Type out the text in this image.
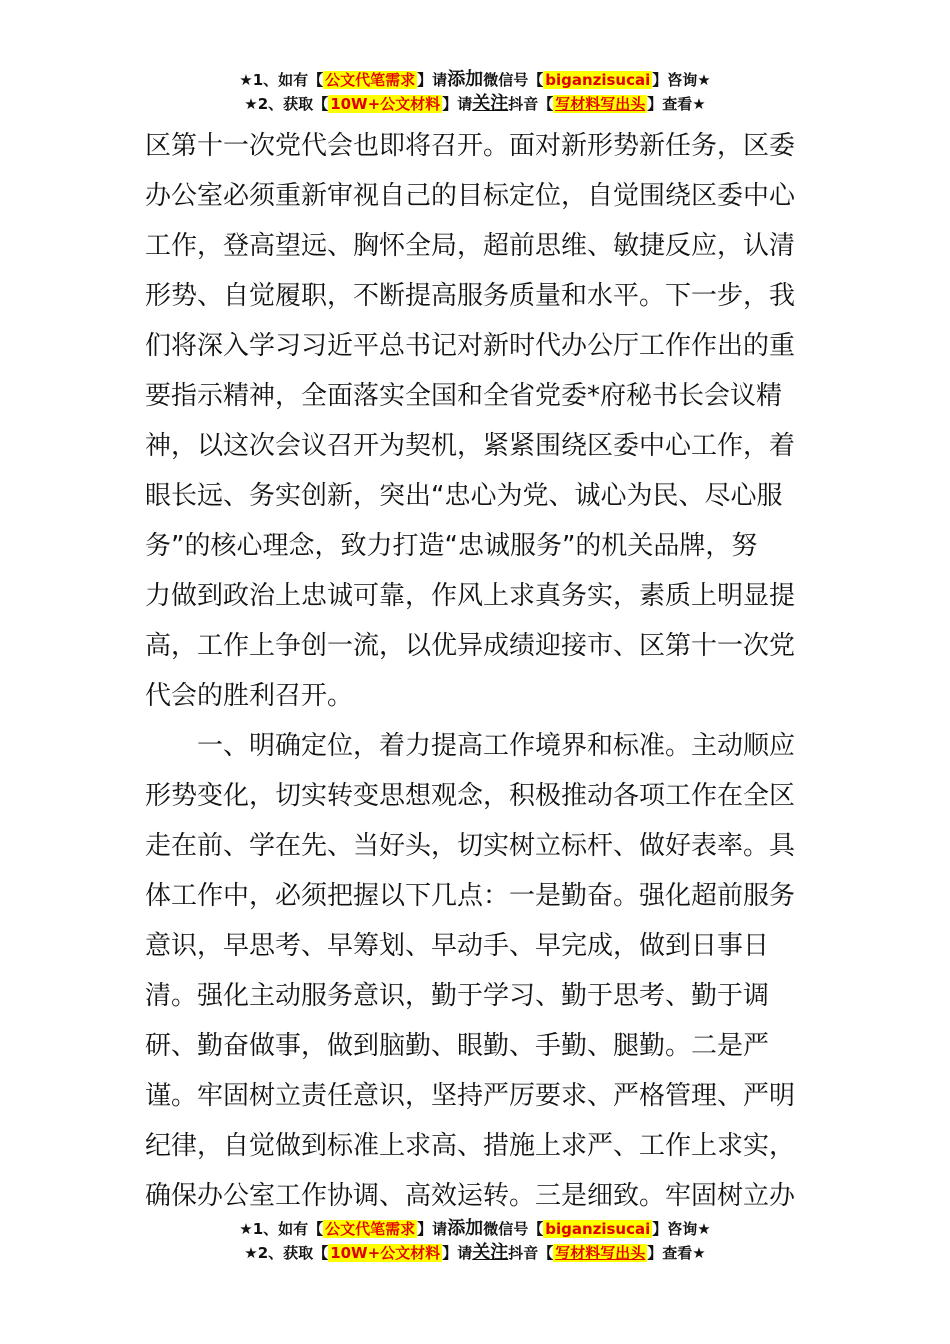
★1、如有【 公文代笔需求 】请添加微信号【 biganzisucai 】咨询★
★2、获取【 10W+公文材料 】请关注抖音【 写材料写出头 】查看★
区第十一次党代会也即将召开。面对新形势新任务，区委
办公室必须重新审视自己的目标定位，自觉围绕区委中心
工作，登高望远、胸怀全局，超前思维、敏捷反应，认清
形势、自觉履职，不断提高服务质量和水平。下一步，我
们将深入学习习近平总书记对新时代办公厅工作作出的重
要指示精神，全面落实全国和全省党委*府秘书长会议精
神，以这次会议召开为契机，紧紧围绕区委中心工作，着
眼长远、务实创新，突出“忠心为党、诚心为民、尽心服
务”的核心理念，致力打造“忠诚服务”的机关品牌，努
力做到政治上忠诚可靠，作风上求真务实，素质上明显提
高，工作上争创一流，以优异成绩迎接市、区第十一次党
代会的胜利召开。
　　一、明确定位，着力提高工作境界和标准。主动顺应
形势变化，切实转变思想观念，积极推动各项工作在全区
走在前、学在先、当好头，切实树立标杆、做好表率。具
体工作中，必须把握以下几点：一是勤奋。强化超前服务
意识，早思考、早筹划、早动手、早完成，做到日事日
清。强化主动服务意识，勤于学习、勤于思考、勤于调
研、勤奋做事，做到脑勤、眼勤、手勤、腿勤。二是严
谨。牢固树立责任意识，坚持严厉要求、严格管理、严明
纪律，自觉做到标准上求高、措施上求严、工作上求实，
确保办公室工作协调、高效运转。三是细致。牢固树立办
★1、如有【 公文代笔需求 】请添加微信号【 biganzisucai 】咨询★
★2、获取【 10W+公文材料 】请关注抖音【 写材料写出头 】查看★
